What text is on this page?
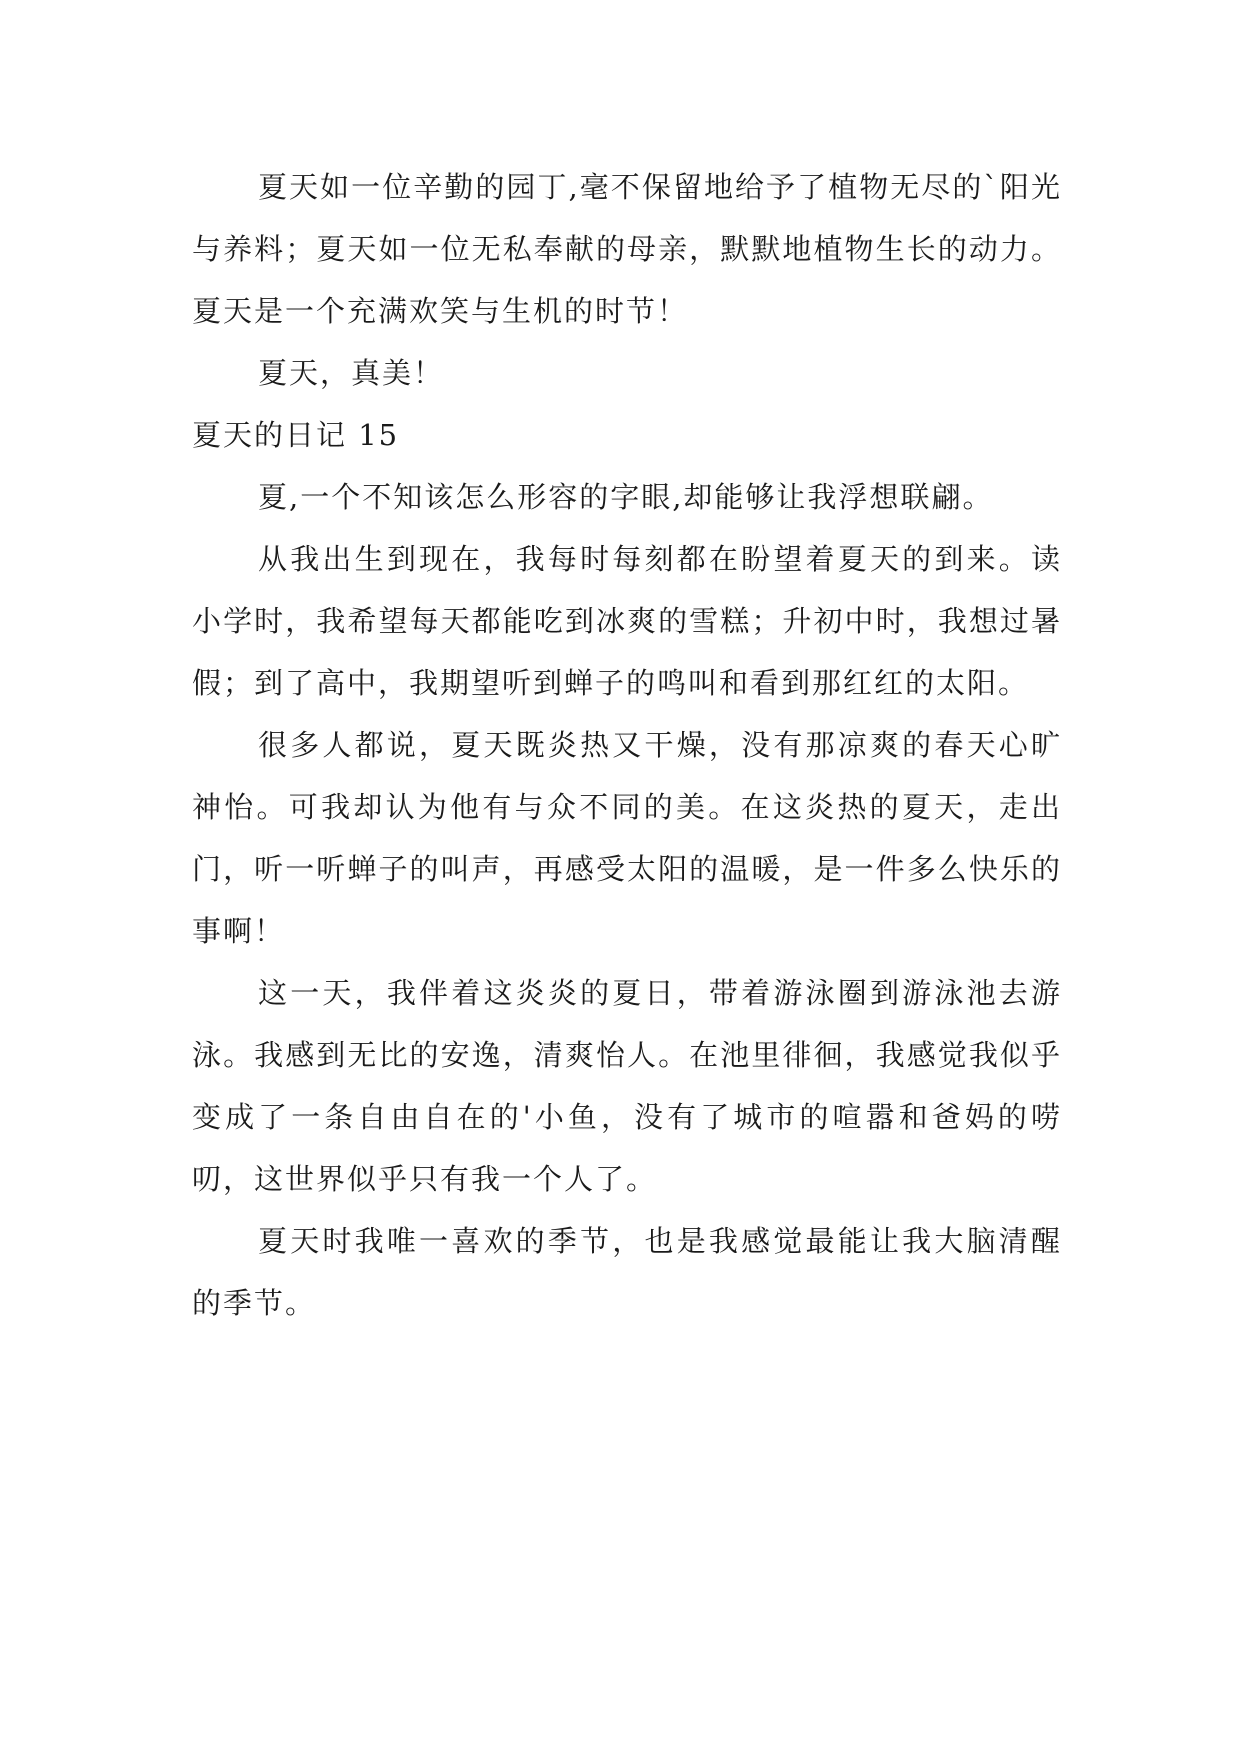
夏天如一位辛勤的园丁,毫不保留地给予了植物无尽的`阳光与养料；夏天如一位无私奉献的母亲，默默地植物生长的动力。夏天是一个充满欢笑与生机的时节！

夏天，真美！

夏天的日记 15

夏,一个不知该怎么形容的字眼,却能够让我浮想联翩。

从我出生到现在，我每时每刻都在盼望着夏天的到来。读小学时，我希望每天都能吃到冰爽的雪糕；升初中时，我想过暑假；到了高中，我期望听到蝉子的鸣叫和看到那红红的太阳。

很多人都说，夏天既炎热又干燥，没有那凉爽的春天心旷神怡。可我却认为他有与众不同的美。在这炎热的夏天，走出门，听一听蝉子的叫声，再感受太阳的温暖，是一件多么快乐的事啊！

这一天，我伴着这炎炎的夏日，带着游泳圈到游泳池去游泳。我感到无比的安逸，清爽怡人。在池里徘徊，我感觉我似乎变成了一条自由自在的'小鱼，没有了城市的喧嚣和爸妈的唠叨，这世界似乎只有我一个人了。

夏天时我唯一喜欢的季节，也是我感觉最能让我大脑清醒的季节。
